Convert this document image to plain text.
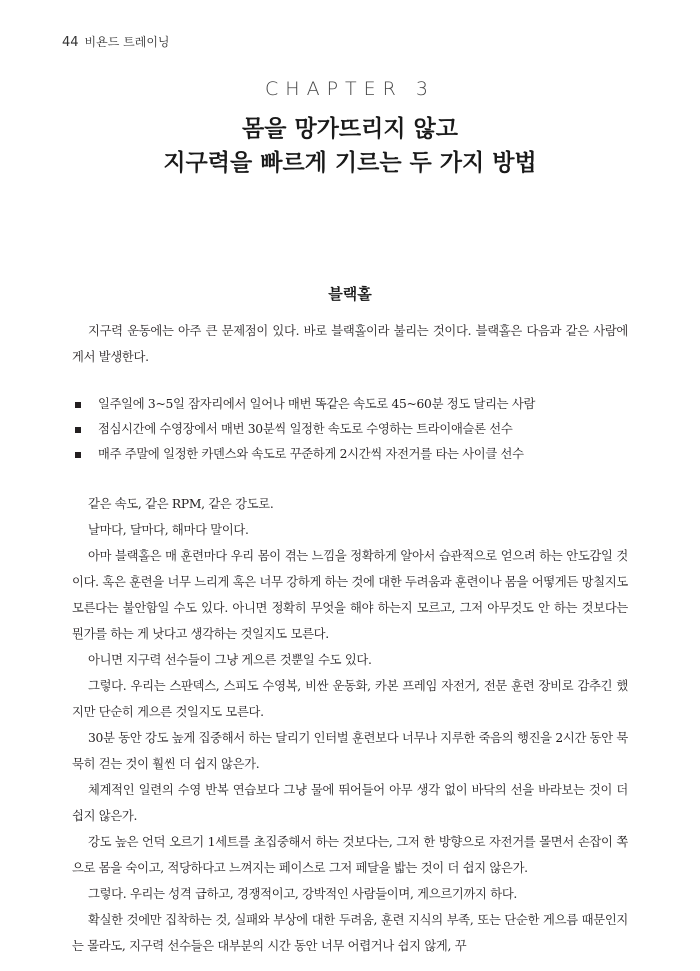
44 비욘드 트레이닝
CHAPTER 3
몸을 망가뜨리지 않고
지구력을 빠르게 기르는 두 가지 방법
블랙홀

지구력 운동에는 아주 큰 문제점이 있다. 바로 블랙홀이라 불리는 것이다. 블랙홀은 다음과 같은 사람에게서 발생한다.

일주일에 3~5일 잠자리에서 일어나 매번 똑같은 속도로 45~60분 정도 달리는 사람
점심시간에 수영장에서 매번 30분씩 일정한 속도로 수영하는 트라이애슬론 선수
매주 주말에 일정한 카덴스와 속도로 꾸준하게 2시간씩 자전거를 타는 사이클 선수

같은 속도, 같은 RPM, 같은 강도로.

날마다, 달마다, 해마다 말이다.

아마 블랙홀은 매 훈련마다 우리 몸이 겪는 느낌을 정확하게 알아서 습관적으로 얻으려 하는 안도감일 것이다. 혹은 훈련을 너무 느리게 혹은 너무 강하게 하는 것에 대한 두려움과 훈련이나 몸을 어떻게든 망칠지도 모른다는 불안함일 수도 있다. 아니면 정확히 무엇을 해야 하는지 모르고, 그저 아무것도 안 하는 것보다는 뭔가를 하는 게 낫다고 생각하는 것일지도 모른다.

아니면 지구력 선수들이 그냥 게으른 것뿐일 수도 있다.

그렇다. 우리는 스판덱스, 스피도 수영복, 비싼 운동화, 카본 프레임 자전거, 전문 훈련 장비로 감추긴 했지만 단순히 게으른 것일지도 모른다.

30분 동안 강도 높게 집중해서 하는 달리기 인터벌 훈련보다 너무나 지루한 죽음의 행진을 2시간 동안 묵묵히 걷는 것이 훨씬 더 쉽지 않은가.

체계적인 일련의 수영 반복 연습보다 그냥 물에 뛰어들어 아무 생각 없이 바닥의 선을 바라보는 것이 더 쉽지 않은가.

강도 높은 언덕 오르기 1세트를 초집중해서 하는 것보다는, 그저 한 방향으로 자전거를 몰면서 손잡이 쪽으로 몸을 숙이고, 적당하다고 느껴지는 페이스로 그저 페달을 밟는 것이 더 쉽지 않은가.

그렇다. 우리는 성격 급하고, 경쟁적이고, 강박적인 사람들이며, 게으르기까지 하다.

확실한 것에만 집착하는 것, 실패와 부상에 대한 두려움, 훈련 지식의 부족, 또는 단순한 게으름 때문인지는 몰라도, 지구력 선수들은 대부분의 시간 동안 너무 어렵거나 쉽지 않게, 꾸
